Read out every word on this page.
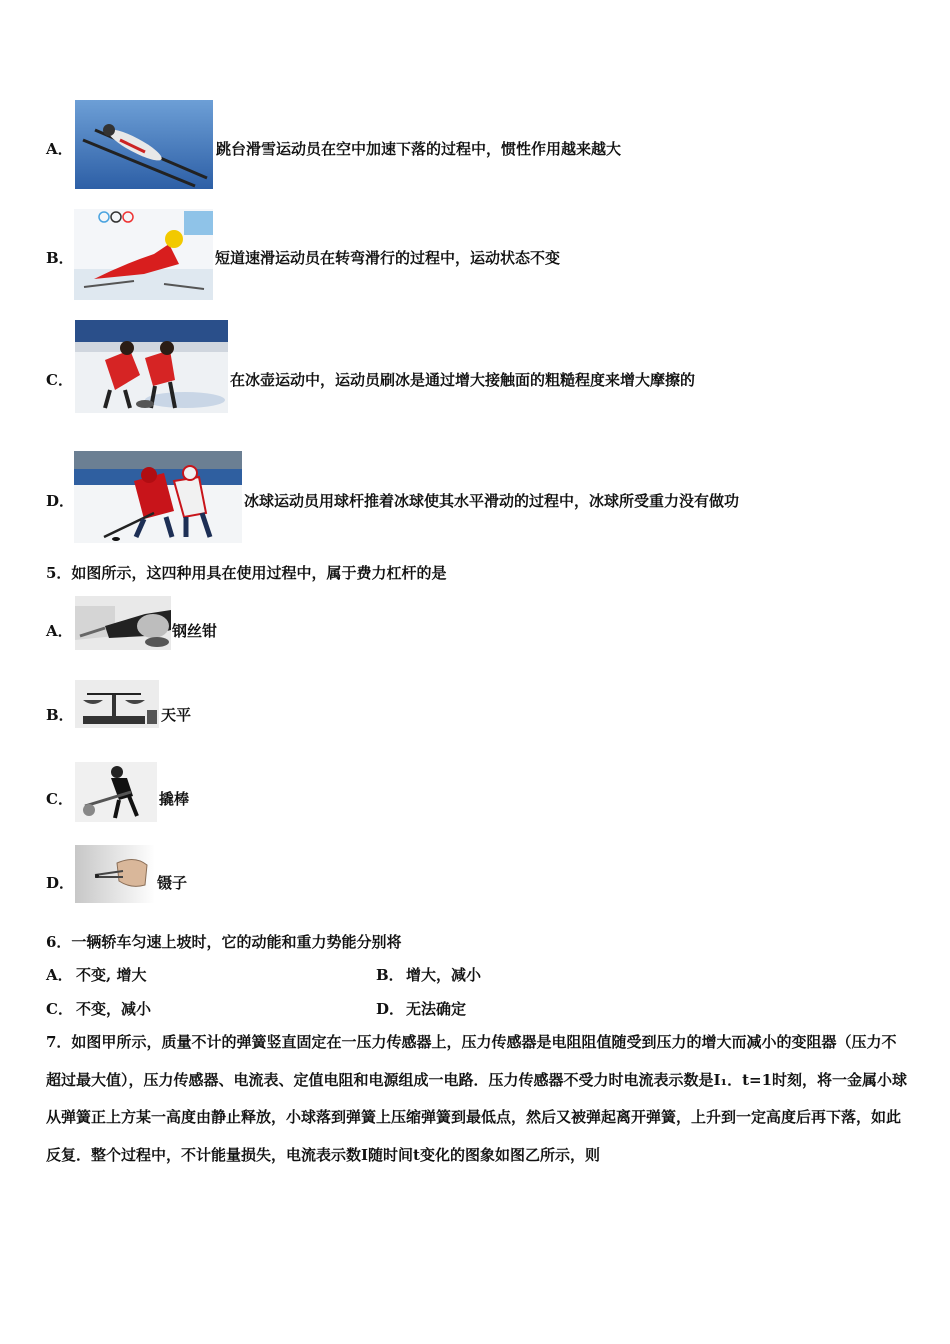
A．	跳台滑雪运动员在空中加速下落的过程中，惯性作用越来越大
B．	短道速滑运动员在转弯滑行的过程中，运动状态不变
C．	在冰壶运动中，运动员刷冰是通过增大接触面的粗糙程度来增大摩擦的
D．	冰球运动员用球杆推着冰球使其水平滑动的过程中，冰球所受重力没有做功
5．如图所示，这四种用具在使用过程中，属于费力杠杆的是
A．	钢丝钳
B．	天平
C．	撬棒
D．	镊子
6．一辆轿车匀速上坡时，它的动能和重力势能分别将
A． 不变, 增大	B． 增大，减小
C． 不变，减小	D． 无法确定
7．如图甲所示，质量不计的弹簧竖直固定在一压力传感器上，压力传感器是电阻阻值随受到压力的增大而减小的变阻器（压力不超过最大值），压力传感器、电流表、定值电阻和电源组成一电路．压力传感器不受力时电流表示数是I₁．t=1时刻，将一金属小球从弹簧正上方某一高度由静止释放，小球落到弹簧上压缩弹簧到最低点，然后又被弹起离开弹簧，上升到一定高度后再下落，如此反复．整个过程中，不计能量损失，电流表示数I随时间t变化的图象如图乙所示，则
